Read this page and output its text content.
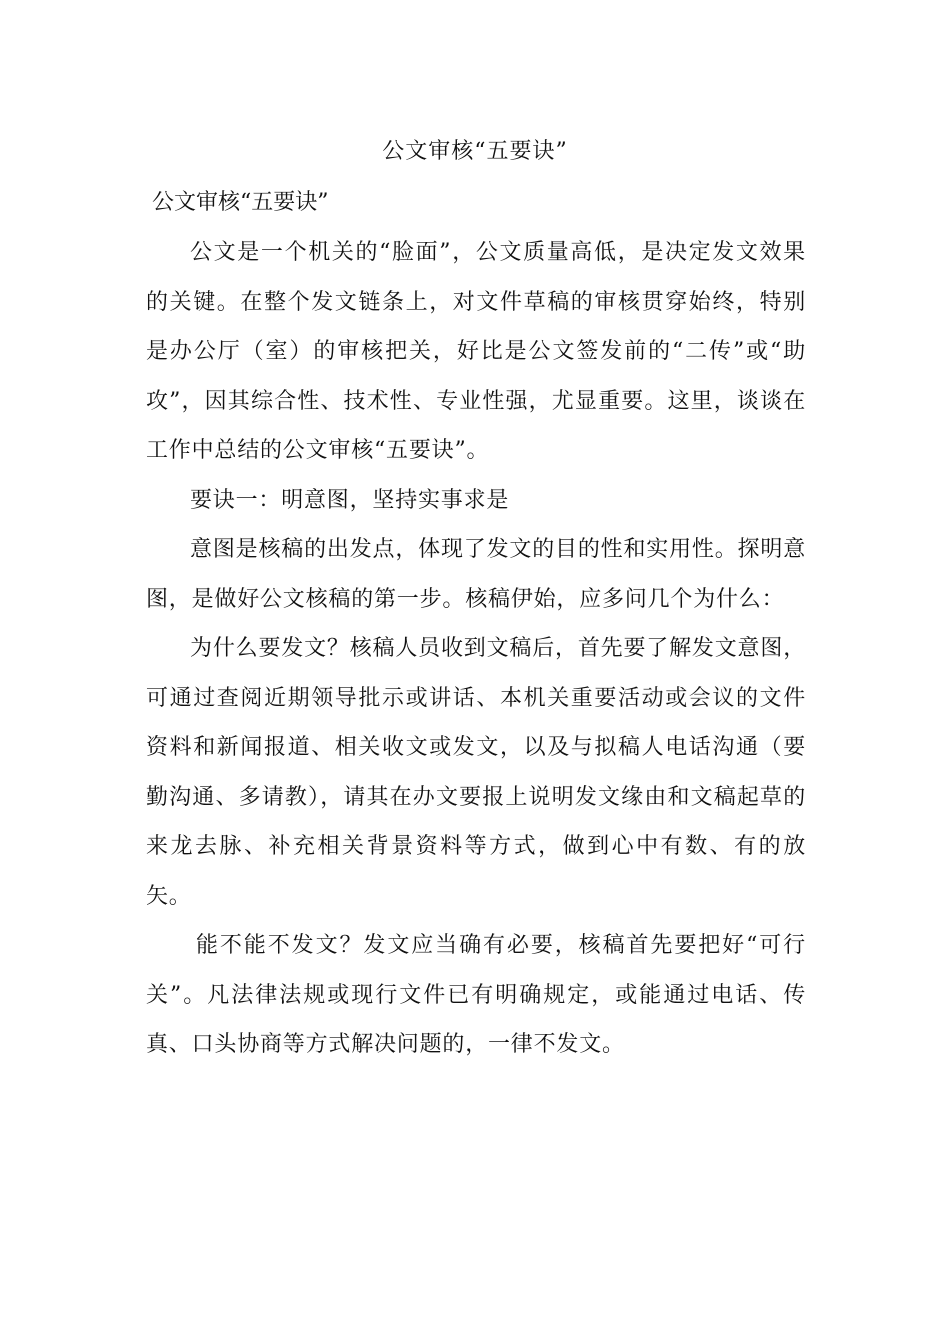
公文审核“五要诀”
公文审核“五要诀”

公文是一个机关的“脸面”，公文质量高低，是决定发文效果的关键。在整个发文链条上，对文件草稿的审核贯穿始终，特别是办公厅（室）的审核把关，好比是公文签发前的“二传”或“助攻”，因其综合性、技术性、专业性强，尤显重要。这里，谈谈在工作中总结的公文审核“五要诀”。

要诀一：明意图，坚持实事求是

意图是核稿的出发点，体现了发文的目的性和实用性。探明意图，是做好公文核稿的第一步。核稿伊始，应多问几个为什么：

为什么要发文？核稿人员收到文稿后，首先要了解发文意图，可通过查阅近期领导批示或讲话、本机关重要活动或会议的文件资料和新闻报道、相关收文或发文，以及与拟稿人电话沟通（要勤沟通、多请教），请其在办文要报上说明发文缘由和文稿起草的来龙去脉、补充相关背景资料等方式，做到心中有数、有的放矢。

能不能不发文？发文应当确有必要，核稿首先要把好“可行关”。凡法律法规或现行文件已有明确规定，或能通过电话、传真、口头协商等方式解决问题的，一律不发文。
